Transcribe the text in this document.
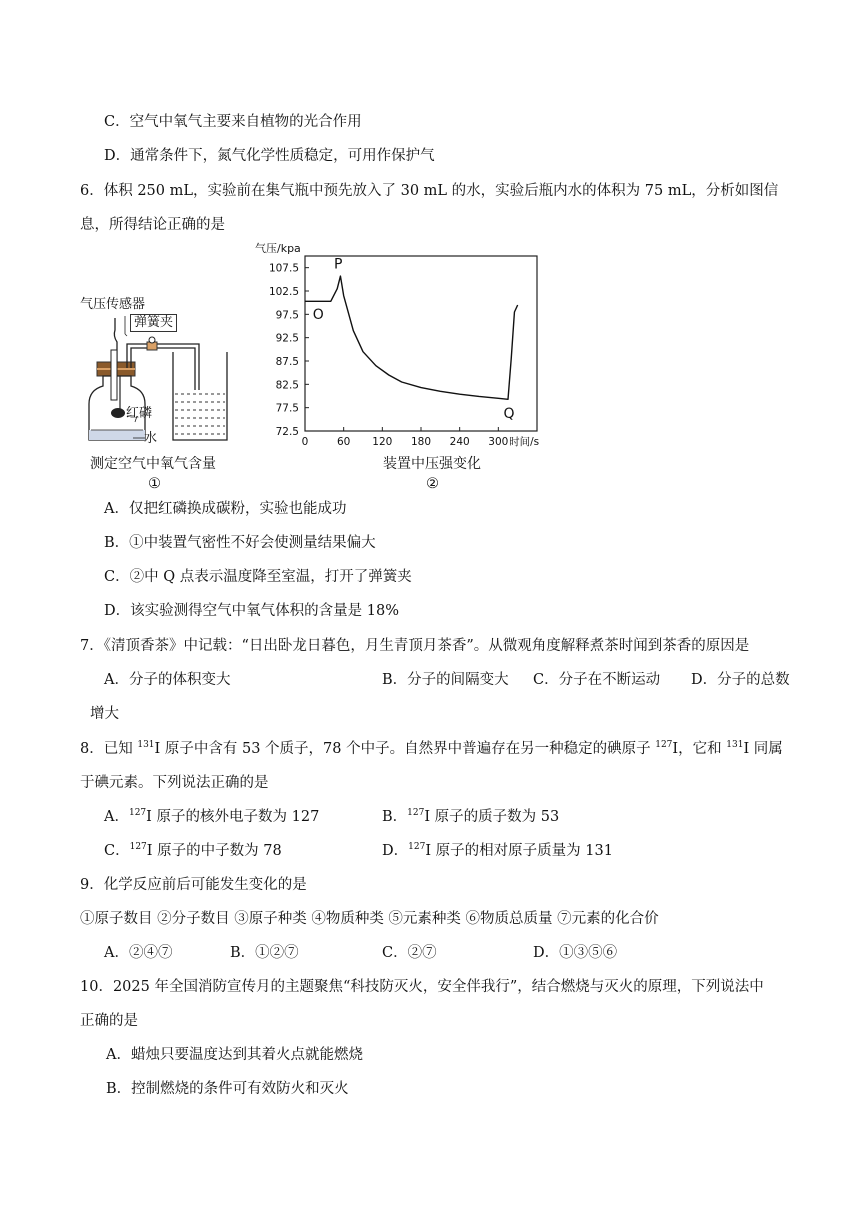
C．空气中氧气主要来自植物的光合作用
D．通常条件下，氮气化学性质稳定，可用作保护气
6．体积 250 mL，实验前在集气瓶中预先放入了 30 mL 的水，实验后瓶内水的体积为 75 mL，分析如图信
息，所得结论正确的是
气压传感器
弹簧夹
红磷
水
测定空气中氧气含量
①
107.5
102.5
97.5
92.5
87.5
82.5
77.5
72.5
0	60 120 180 240 300
气压/kpa
时间/s
O
P
Q
装置中压强变化
②
A．仅把红磷换成碳粉，实验也能成功
B．①中装置气密性不好会使测量结果偏大
C．②中 Q 点表示温度降至室温，打开了弹簧夹
D．该实验测得空气中氧气体积的含量是 18%
7．《清顶香茶》中记载：“日出卧龙日暮色，月生青顶月茶香”。从微观角度解释煮茶时闻到茶香的原因是
A．分子的体积变大	B．分子的间隔变大 C．分子在不断运动 D．分子的总数
增大
8．已知 $^{131}$I 原子中含有 53 个质子，78 个中子。自然界中普遍存在另一种稳定的碘原子 $^{127}$I，它和 $^{131}$I 同属
于碘元素。下列说法正确的是
A．$^{127}$I 原子的核外电子数为 127	B．$^{127}$I 原子的质子数为 53
C．$^{127}$I 原子的中子数为 78	D．$^{127}$I 原子的相对原子质量为 131
9．化学反应前后可能发生变化的是
①原子数目 ②分子数目 ③原子种类 ④物质种类 ⑤元素种类 ⑥物质总质量 ⑦元素的化合价
A．②④⑦	B．①②⑦	C．②⑦	D．①③⑤⑥
10．2025 年全国消防宣传月的主题聚焦“科技防灭火，安全伴我行”，结合燃烧与灭火的原理，下列说法中
正确的是
A．蜡烛只要温度达到其着火点就能燃烧
B．控制燃烧的条件可有效防火和灭火
